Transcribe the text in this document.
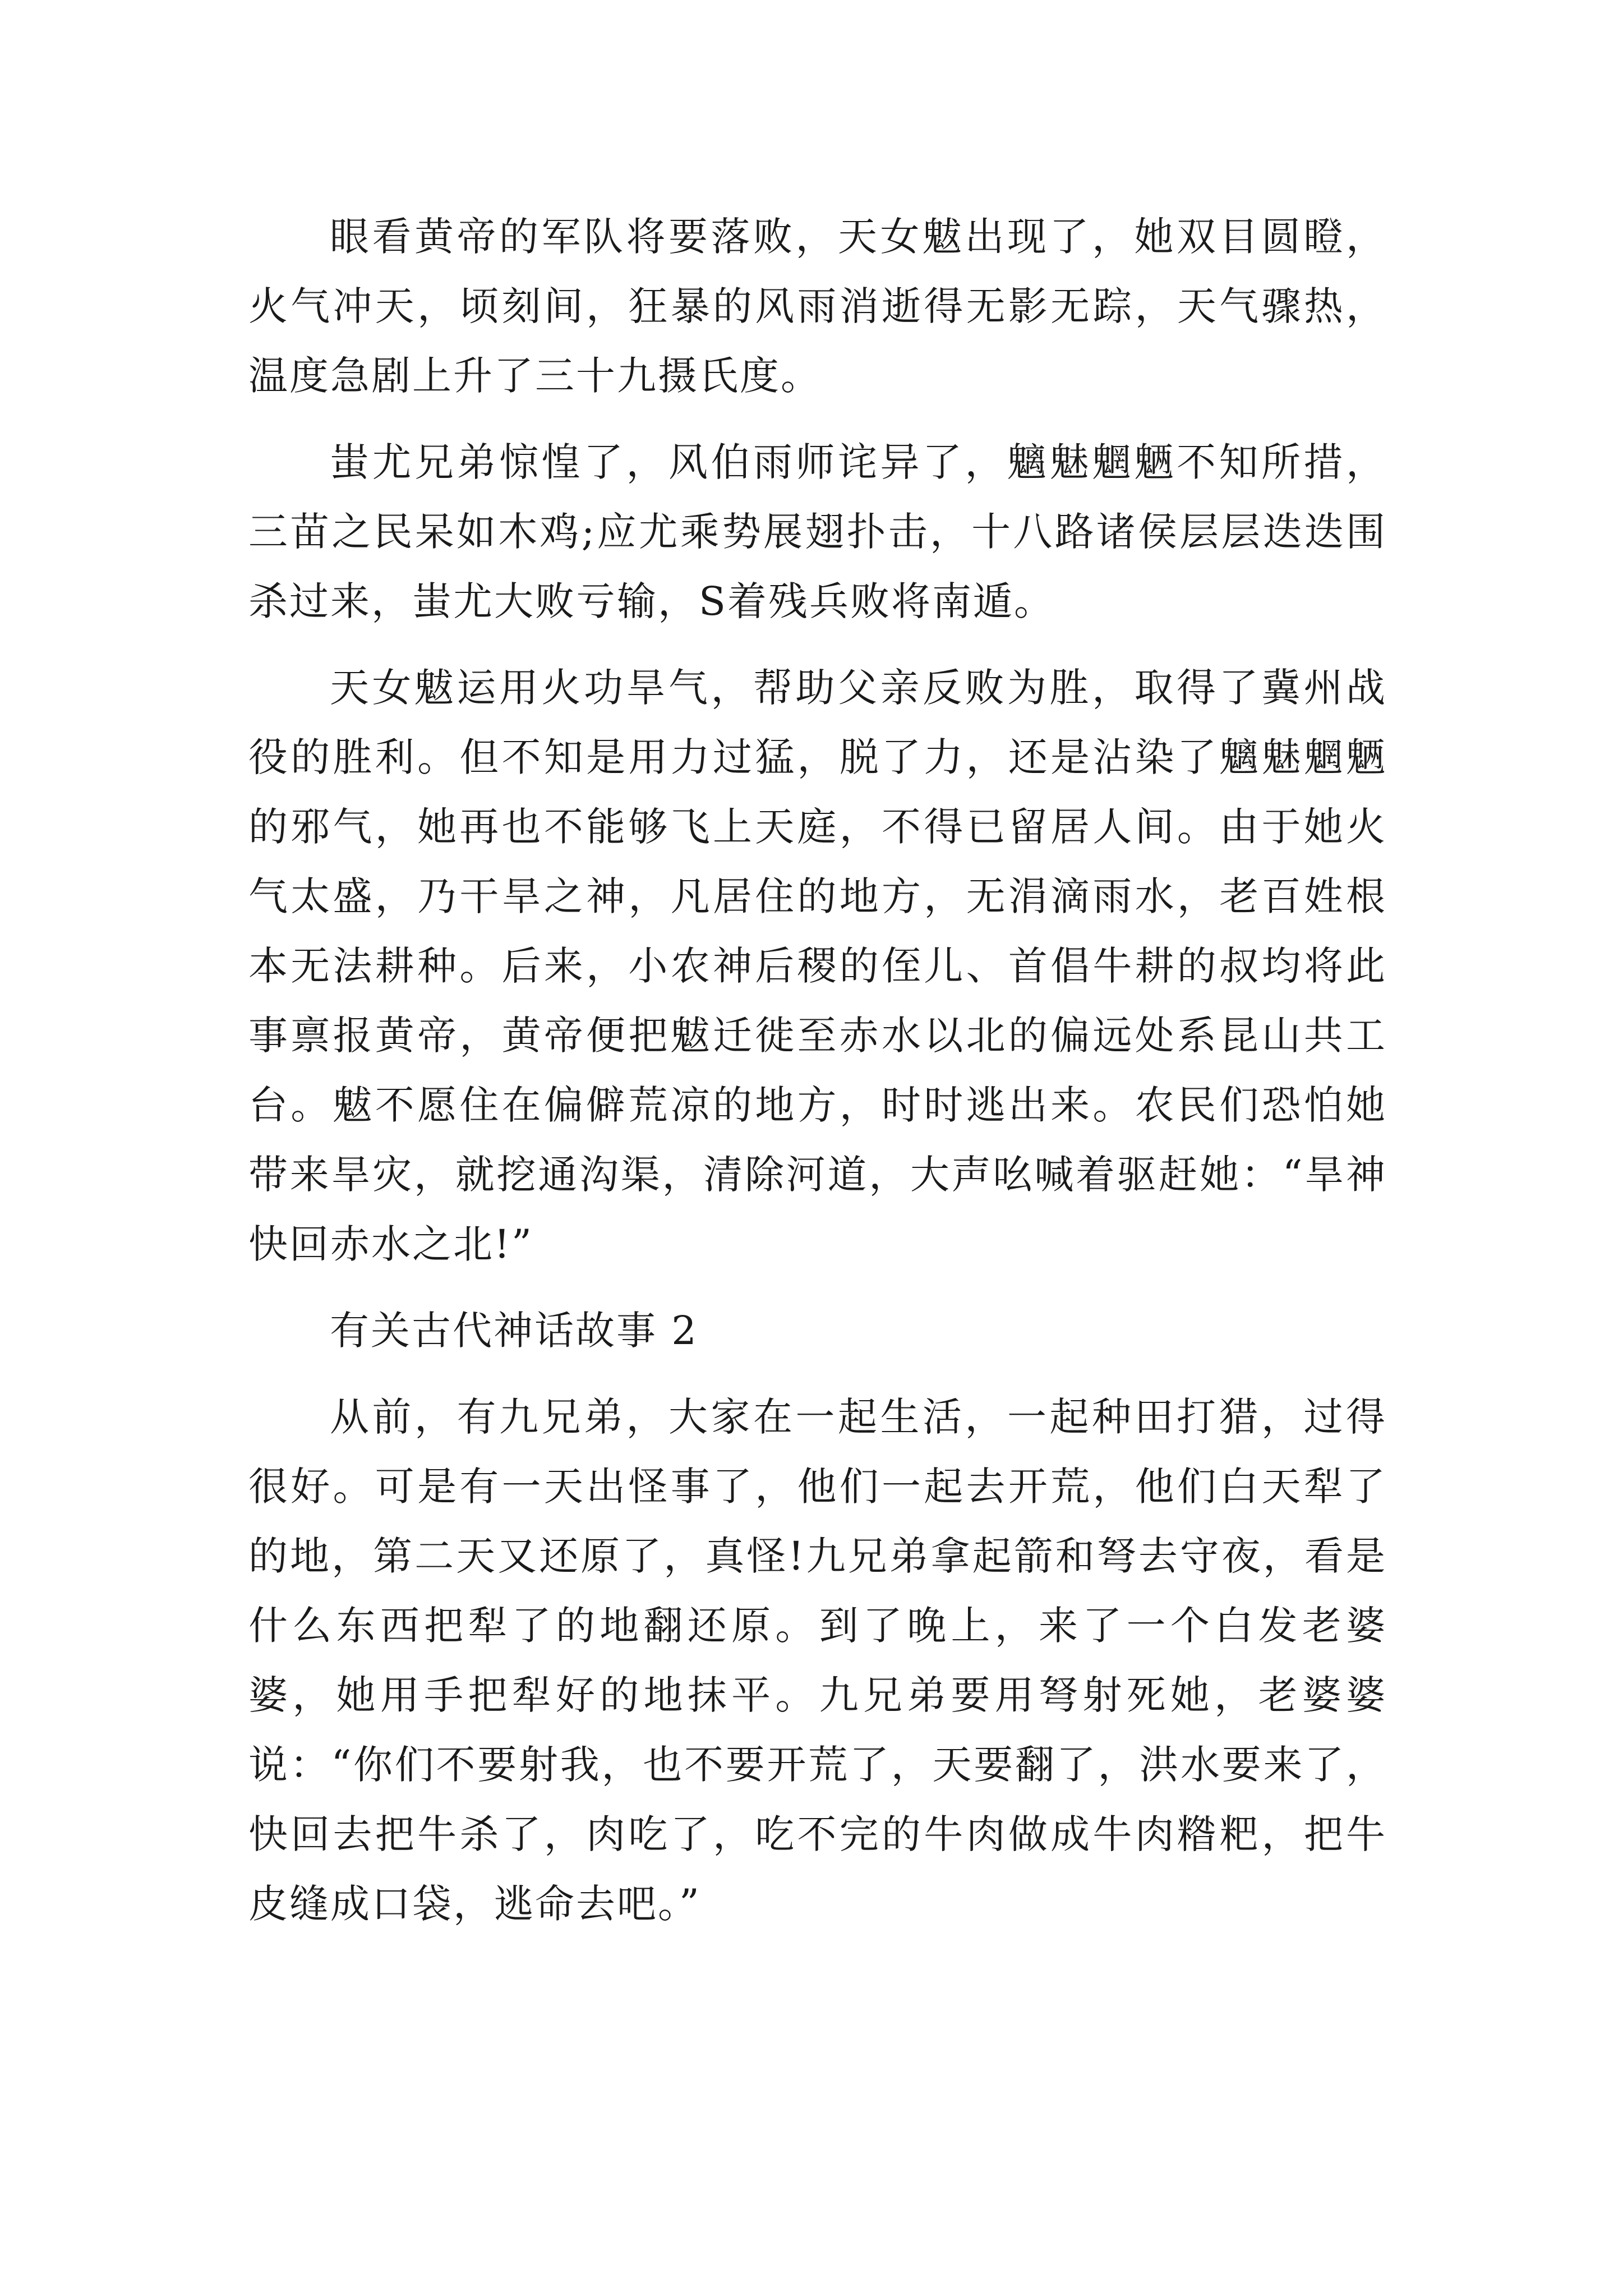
眼看黄帝的军队将要落败，天女魃出现了，她双目圆瞪，火气冲天，顷刻间，狂暴的风雨消逝得无影无踪，天气骤热，温度急剧上升了三十九摄氏度。

蚩尤兄弟惊惶了，风伯雨师诧异了，魑魅魍魉不知所措，三苗之民呆如木鸡;应尤乘势展翅扑击，十八路诸侯层层迭迭围杀过来，蚩尤大败亏输，S着残兵败将南遁。

天女魃运用火功旱气，帮助父亲反败为胜，取得了冀州战役的胜利。但不知是用力过猛，脱了力，还是沾染了魑魅魍魉的邪气，她再也不能够飞上天庭，不得已留居人间。由于她火气太盛，乃干旱之神，凡居住的地方，无涓滴雨水，老百姓根本无法耕种。后来，小农神后稷的侄儿、首倡牛耕的叔均将此事禀报黄帝，黄帝便把魃迁徙至赤水以北的偏远处系昆山共工台。魃不愿住在偏僻荒凉的地方，时时逃出来。农民们恐怕她带来旱灾，就挖通沟渠，清除河道，大声吆喊着驱赶她：“旱神快回赤水之北!”

有关古代神话故事 2

从前，有九兄弟，大家在一起生活，一起种田打猎，过得很好。可是有一天出怪事了，他们一起去开荒，他们白天犁了的地，第二天又还原了，真怪!九兄弟拿起箭和弩去守夜，看是什么东西把犁了的地翻还原。到了晚上，来了一个白发老婆婆，她用手把犁好的地抹平。九兄弟要用弩射死她，老婆婆说：“你们不要射我，也不要开荒了，天要翻了，洪水要来了，快回去把牛杀了，肉吃了，吃不完的牛肉做成牛肉糌粑，把牛皮缝成口袋，逃命去吧。”
